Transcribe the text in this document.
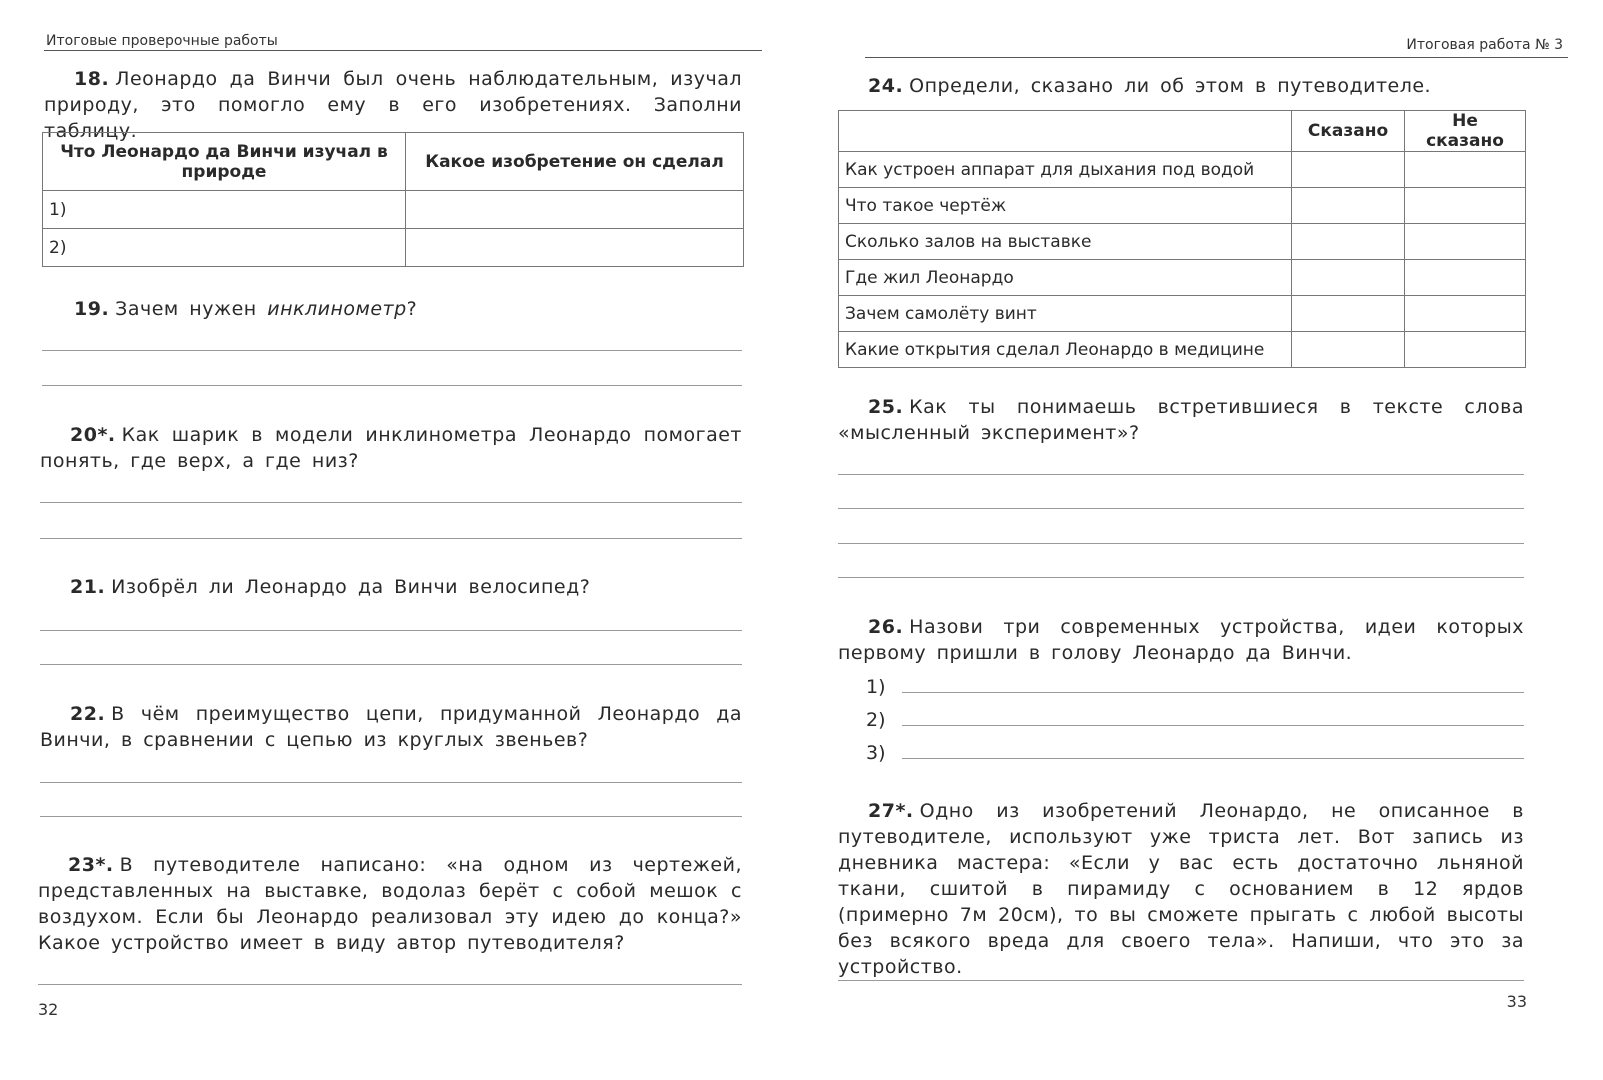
Итоговые проверочные работы
18. Леонардо да Винчи был очень наблюдательным, изучал природу, это помогло ему в его изобретениях. Заполни таблицу.
Что Леонардо да Винчи изучал в природе	Какое изобретение он сделал
1)	
2)	
19. Зачем нужен инклинометр?
20*. Как шарик в модели инклинометра Леонардо помогает понять, где верх, а где низ?
21. Изобрёл ли Леонардо да Винчи велосипед?
22. В чём преимущество цепи, придуманной Леонардо да Винчи, в сравнении с цепью из круглых звеньев?
23*. В путеводителе написано: «на одном из чертежей, представленных на выставке, водолаз берёт с собой мешок с воздухом. Если бы Леонардо реализовал эту идею до конца?» Какое устройство имеет в виду автор путеводителя?
32
Итоговая работа № 3
24. Определи, сказано ли об этом в путеводителе.
	Сказано	Не сказано
Как устроен аппарат для дыхания под водой		
Что такое чертёж		
Сколько залов на выставке		
Где жил Леонардо		
Зачем самолёту винт		
Какие открытия сделал Леонардо в медицине		
25. Как ты понимаешь встретившиеся в тексте слова «мысленный эксперимент»?
26. Назови три современных устройства, идеи которых первому пришли в голову Леонардо да Винчи.
1)
2)
3)
27*. Одно из изобретений Леонардо, не описанное в путеводителе, используют уже триста лет. Вот запись из дневника мастера: «Если у вас есть достаточно льняной ткани, сшитой в пирамиду с основанием в 12 ярдов (примерно 7м 20см), то вы сможете прыгать с любой высоты без всякого вреда для своего тела». Напиши, что это за устройство.
33
